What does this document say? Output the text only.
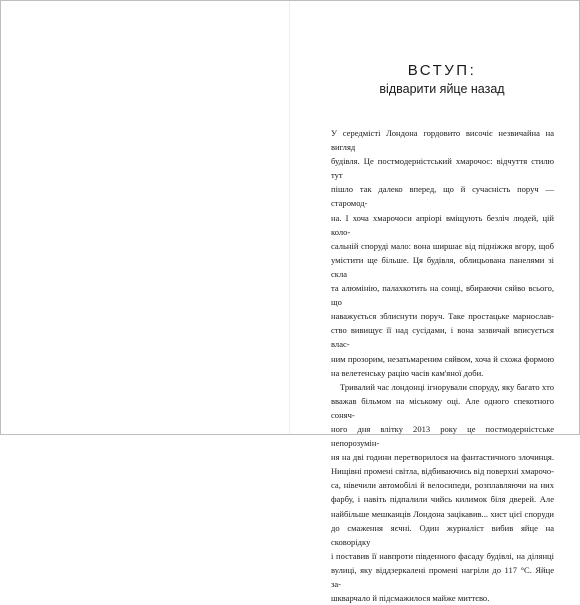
ВСТУП:
відварити яйце назад

У середмісті Лондона гордовито височіє незвичайна на вигляд

будівля. Це постмодерністський хмарочос: відчуття стилю тут

пішло так далеко вперед, що й сучасність поруч — старомод-

на. І хоча хмарочоси апріорі вміщують безліч людей, цій коло-

сальній споруді мало: вона ширшає від підніжжя вгору, щоб

умістити ще більше. Ця будівля, облицьована панелями зі скла

та алюмінію, палахкотить на сонці, вбираючи сяйво всього, що

наважується зблиснути поруч. Таке простацьке марнослав-

ство вивищує її над сусідами, і вона зазвичай вписується влас-

ним прозорим, незатьмареним сяйвом, хоча й схожа формою

на велетенську рацію часів кам'яної доби.

Тривалий час лондонці ігнорували споруду, яку багато хто

вважав більмом на міському оці. Але одного спекотного соняч-

ного дня влітку 2013 року це постмодерністське непорозумін-

ня на дві години перетворилося на фантастичного злочинця.

Нищівні промені світла, відбиваючись від поверхні хмарочо-

са, нівечили автомобілі й велосипеди, розплавляючи на них

фарбу, і навіть підпалили чийсь килимок біля дверей. Але

найбільше мешканців Лондона зацікавив... хист цієї споруди

до смаження яєчні. Один журналіст вибив яйце на сковорідку

і поставив її навпроти південного фасаду будівлі, на ділянці

вулиці, яку віддзеркалені промені нагріли до 117 °C. Яйце за-

шкварчало й підсмажилося майже миттєво.
